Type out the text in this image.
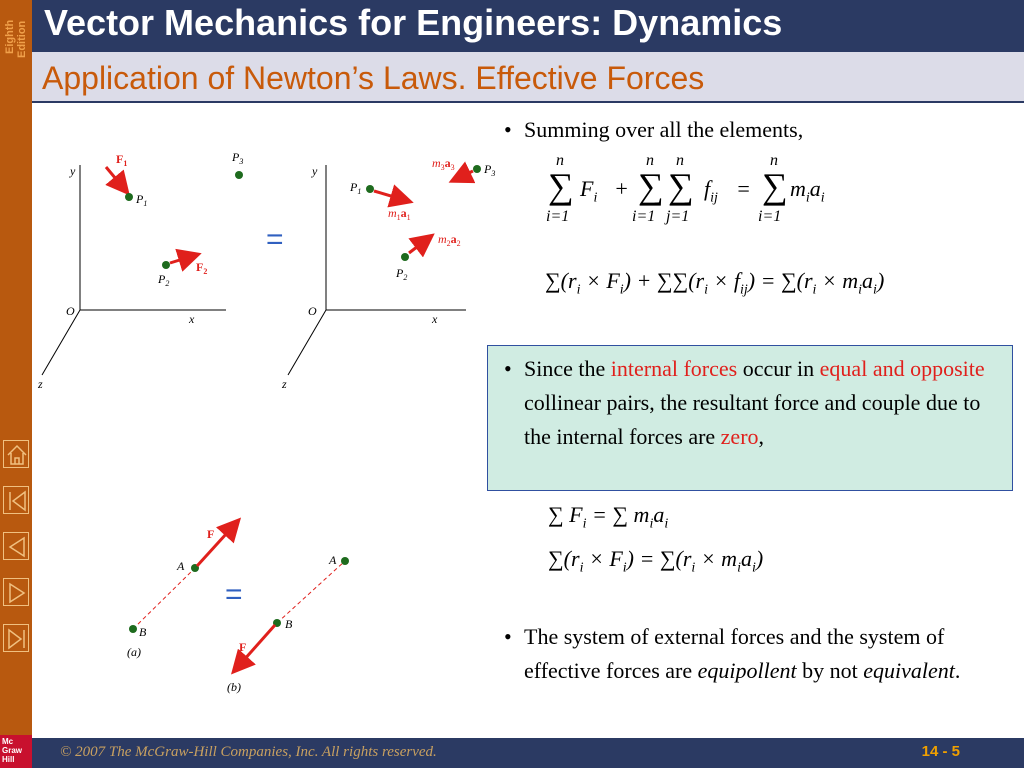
Eighth Edition
Mc
Graw
Hill
Vector Mechanics for Engineers: Dynamics
Application of Newton’s Laws. Effective Forces
y
x
z
O
$F_1$
$P_1$
$P_2$
$F_2$
$P_3$
=
y
x
z
O
$P_1$
$m_1a_1$
$P_2$
$m_2a_2$
$P_3$
$m_3a_3$
B
A
F
(a)
=
A
B
F
(b)
• Summing over all the elements,
n
∑
i=1
$F_i$ +
n
∑
i=1
n
∑
j=1
$f_{ij}$ =
n
∑
i=1
$m_ia_i$
$\sum(r_i \times F_i) + \sum\sum(r_i \times f_{ij}) = \sum(r_i \times m_ia_i)$
• Since the internal forces occur in equal and opposite collinear pairs, the resultant force and couple due to the internal forces are zero,
∑ $F_i$ = ∑ $m_ia_i$
$\sum(r_i \times F_i) = \sum(r_i \times m_ia_i)$
• The system of external forces and the system of effective forces are equipollent by not equivalent.
© 2007 The McGraw-Hill Companies, Inc. All rights reserved.	14 - 5
